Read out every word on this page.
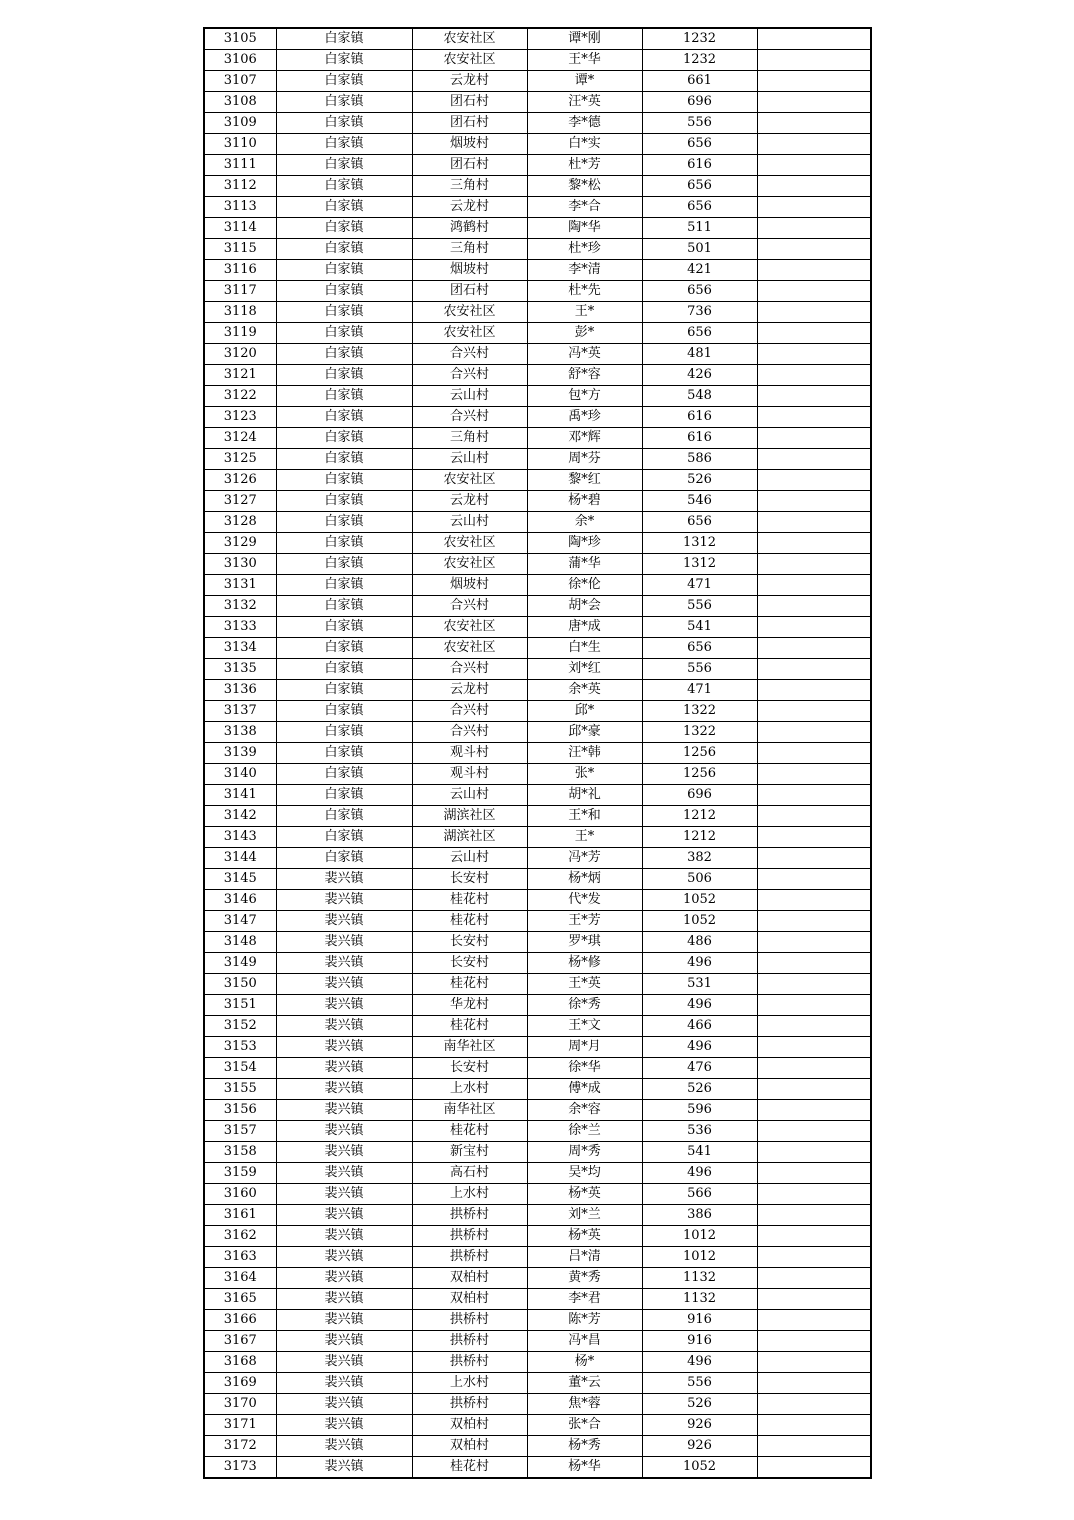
3105	白家镇	农安社区	谭*刚	1232	
3106	白家镇	农安社区	王*华	1232	
3107	白家镇	云龙村	谭*	661	
3108	白家镇	团石村	汪*英	696	
3109	白家镇	团石村	李*德	556	
3110	白家镇	烟坡村	白*实	656	
3111	白家镇	团石村	杜*芳	616	
3112	白家镇	三角村	黎*松	656	
3113	白家镇	云龙村	李*合	656	
3114	白家镇	鸿鹤村	陶*华	511	
3115	白家镇	三角村	杜*珍	501	
3116	白家镇	烟坡村	李*清	421	
3117	白家镇	团石村	杜*先	656	
3118	白家镇	农安社区	王*	736	
3119	白家镇	农安社区	彭*	656	
3120	白家镇	合兴村	冯*英	481	
3121	白家镇	合兴村	舒*容	426	
3122	白家镇	云山村	包*方	548	
3123	白家镇	合兴村	禹*珍	616	
3124	白家镇	三角村	邓*辉	616	
3125	白家镇	云山村	周*芬	586	
3126	白家镇	农安社区	黎*红	526	
3127	白家镇	云龙村	杨*碧	546	
3128	白家镇	云山村	余*	656	
3129	白家镇	农安社区	陶*珍	1312	
3130	白家镇	农安社区	蒲*华	1312	
3131	白家镇	烟坡村	徐*伦	471	
3132	白家镇	合兴村	胡*会	556	
3133	白家镇	农安社区	唐*成	541	
3134	白家镇	农安社区	白*生	656	
3135	白家镇	合兴村	刘*红	556	
3136	白家镇	云龙村	余*英	471	
3137	白家镇	合兴村	邱*	1322	
3138	白家镇	合兴村	邱*豪	1322	
3139	白家镇	观斗村	汪*韩	1256	
3140	白家镇	观斗村	张*	1256	
3141	白家镇	云山村	胡*礼	696	
3142	白家镇	湖滨社区	王*和	1212	
3143	白家镇	湖滨社区	王*	1212	
3144	白家镇	云山村	冯*芳	382	
3145	裴兴镇	长安村	杨*炳	506	
3146	裴兴镇	桂花村	代*发	1052	
3147	裴兴镇	桂花村	王*芳	1052	
3148	裴兴镇	长安村	罗*琪	486	
3149	裴兴镇	长安村	杨*修	496	
3150	裴兴镇	桂花村	王*英	531	
3151	裴兴镇	华龙村	徐*秀	496	
3152	裴兴镇	桂花村	王*文	466	
3153	裴兴镇	南华社区	周*月	496	
3154	裴兴镇	长安村	徐*华	476	
3155	裴兴镇	上水村	傅*成	526	
3156	裴兴镇	南华社区	余*容	596	
3157	裴兴镇	桂花村	徐*兰	536	
3158	裴兴镇	新宝村	周*秀	541	
3159	裴兴镇	高石村	吴*均	496	
3160	裴兴镇	上水村	杨*英	566	
3161	裴兴镇	拱桥村	刘*兰	386	
3162	裴兴镇	拱桥村	杨*英	1012	
3163	裴兴镇	拱桥村	吕*清	1012	
3164	裴兴镇	双柏村	黄*秀	1132	
3165	裴兴镇	双柏村	李*君	1132	
3166	裴兴镇	拱桥村	陈*芳	916	
3167	裴兴镇	拱桥村	冯*昌	916	
3168	裴兴镇	拱桥村	杨*	496	
3169	裴兴镇	上水村	董*云	556	
3170	裴兴镇	拱桥村	焦*蓉	526	
3171	裴兴镇	双柏村	张*合	926	
3172	裴兴镇	双柏村	杨*秀	926	
3173	裴兴镇	桂花村	杨*华	1052	
